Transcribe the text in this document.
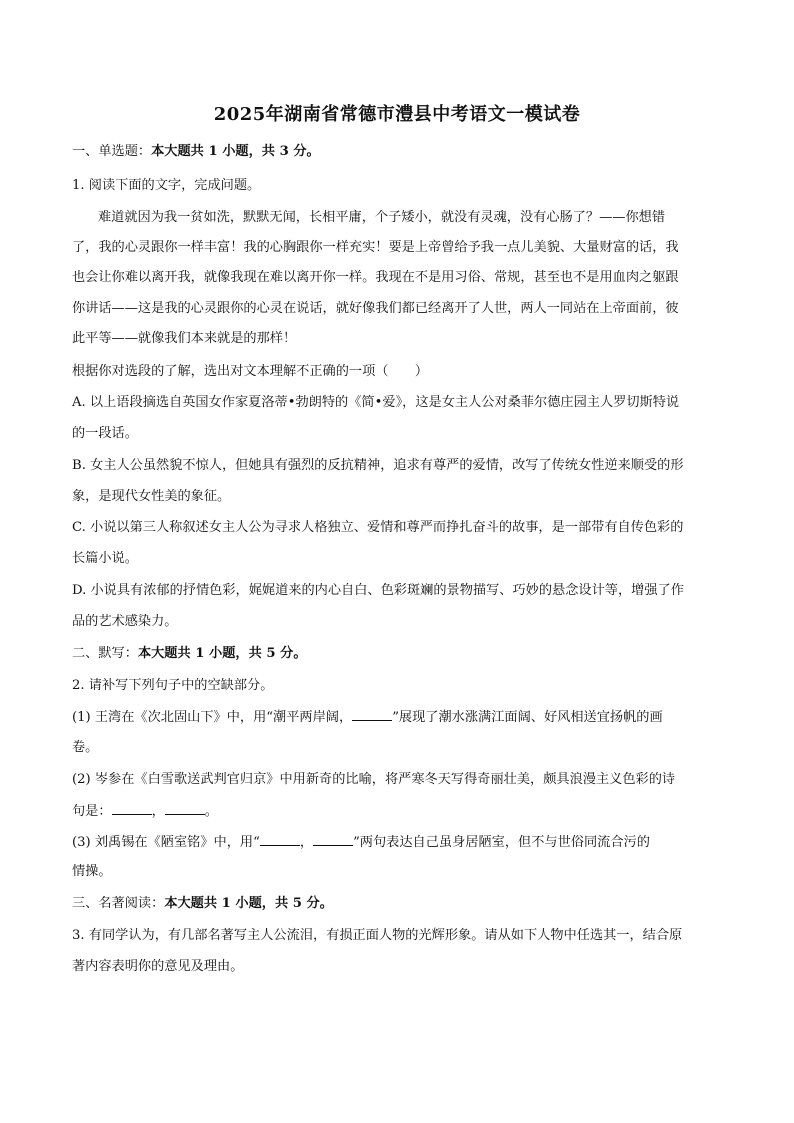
2025年湖南省常德市澧县中考语文一模试卷
一、单选题：本大题共 1 小题，共 3 分。
1. 阅读下面的文字，完成问题。
难道就因为我一贫如洗，默默无闻，长相平庸，个子矮小，就没有灵魂，没有心肠了？——你想错
了，我的心灵跟你一样丰富！我的心胸跟你一样充实！要是上帝曾给予我一点儿美貌、大量财富的话，我
也会让你难以离开我，就像我现在难以离开你一样。我现在不是用习俗、常规，甚至也不是用血肉之躯跟
你讲话——这是我的心灵跟你的心灵在说话，就好像我们都已经离开了人世，两人一同站在上帝面前，彼
此平等——就像我们本来就是的那样！
根据你对选段的了解，选出对文本理解不正确的一项（　　）
A. 以上语段摘选自英国女作家夏洛蒂•勃朗特的《简•爱》，这是女主人公对桑菲尔德庄园主人罗切斯特说
的一段话。
B. 女主人公虽然貌不惊人，但她具有强烈的反抗精神，追求有尊严的爱情，改写了传统女性逆来顺受的形
象，是现代女性美的象征。
C. 小说以第三人称叙述女主人公为寻求人格独立、爱情和尊严而挣扎奋斗的故事，是一部带有自传色彩的
长篇小说。
D. 小说具有浓郁的抒情色彩，娓娓道来的内心自白、色彩斑斓的景物描写、巧妙的悬念设计等，增强了作
品的艺术感染力。
二、默写：本大题共 1 小题，共 5 分。
2. 请补写下列句子中的空缺部分。
(1) 王湾在《次北固山下》中，用“潮平两岸阔，	”展现了潮水涨满江面阔、好风相送宜扬帆的画
卷。
(2) 岑参在《白雪歌送武判官归京》中用新奇的比喻，将严寒冬天写得奇丽壮美，颇具浪漫主义色彩的诗
句是：	，	。
(3) 刘禹锡在《陋室铭》中，用“	，	”两句表达自己虽身居陋室，但不与世俗同流合污的
情操。
三、名著阅读：本大题共 1 小题，共 5 分。
3. 有同学认为，有几部名著写主人公流泪，有损正面人物的光辉形象。请从如下人物中任选其一，结合原
著内容表明你的意见及理由。
